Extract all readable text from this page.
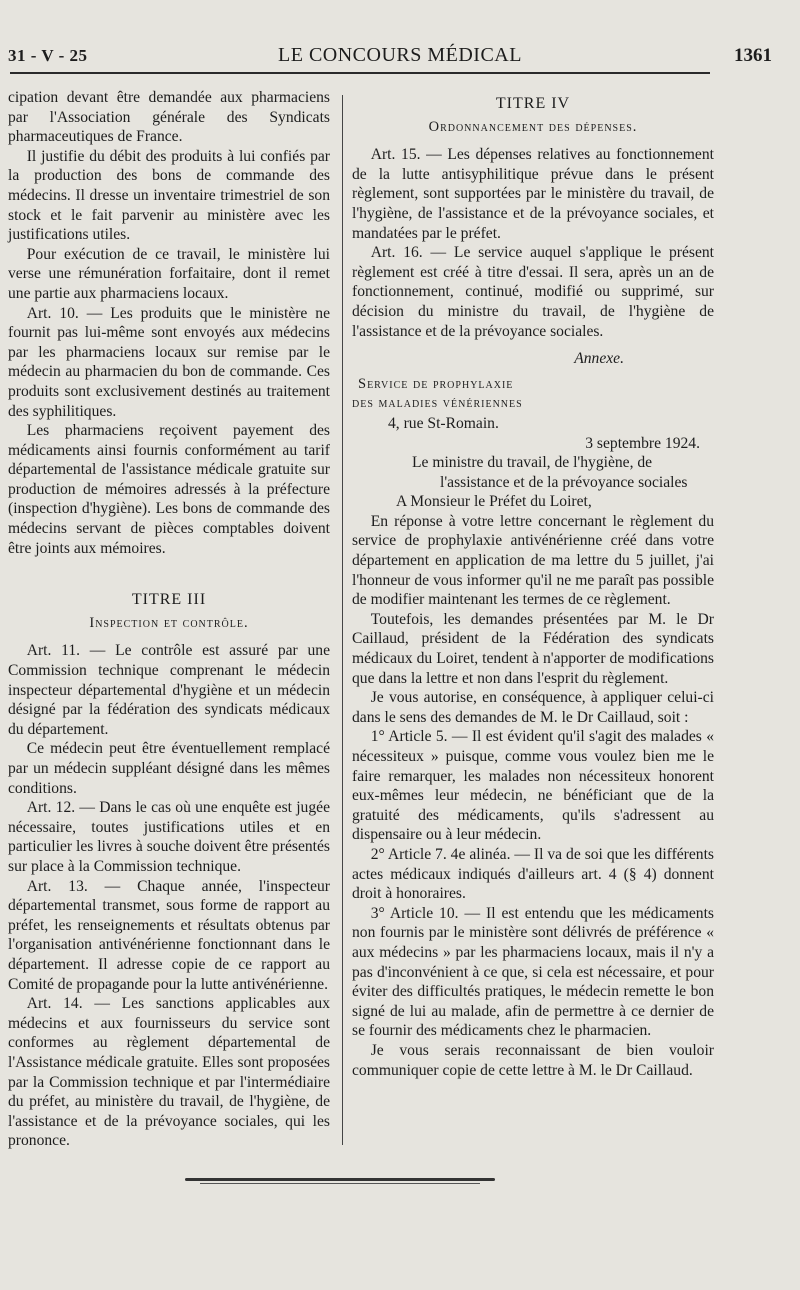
31 - V - 25	LE CONCOURS MÉDICAL	1361

cipation devant être demandée aux pharmaciens par l'Association générale des Syndicats pharmaceutiques de France.

Il justifie du débit des produits à lui confiés par la production des bons de commande des médecins. Il dresse un inventaire trimestriel de son stock et le fait parvenir au ministère avec les justifications utiles.

Pour exécution de ce travail, le ministère lui verse une rémunération forfaitaire, dont il remet une partie aux pharmaciens locaux.

Art. 10. — Les produits que le ministère ne fournit pas lui-même sont envoyés aux médecins par les pharmaciens locaux sur remise par le médecin au pharmacien du bon de commande. Ces produits sont exclusivement destinés au traitement des syphilitiques.

Les pharmaciens reçoivent payement des médicaments ainsi fournis conformément au tarif départemental de l'assistance médicale gratuite sur production de mémoires adressés à la préfecture (inspection d'hygiène). Les bons de commande des médecins servant de pièces comptables doivent être joints aux mémoires.

TITRE III
Inspection et contrôle.

Art. 11. — Le contrôle est assuré par une Commission technique comprenant le médecin inspecteur départemental d'hygiène et un médecin désigné par la fédération des syndicats médicaux du département.

Ce médecin peut être éventuellement remplacé par un médecin suppléant désigné dans les mêmes conditions.

Art. 12. — Dans le cas où une enquête est jugée nécessaire, toutes justifications utiles et en particulier les livres à souche doivent être présentés sur place à la Commission technique.

Art. 13. — Chaque année, l'inspecteur départemental transmet, sous forme de rapport au préfet, les renseignements et résultats obtenus par l'organisation antivénérienne fonctionnant dans le département. Il adresse copie de ce rapport au Comité de propagande pour la lutte antivénérienne.

Art. 14. — Les sanctions applicables aux médecins et aux fournisseurs du service sont conformes au règlement départemental de l'Assistance médicale gratuite. Elles sont proposées par la Commission technique et par l'intermédiaire du préfet, au ministère du travail, de l'hygiène, de l'assistance et de la prévoyance sociales, qui les prononce.

TITRE IV
Ordonnancement des dépenses.

Art. 15. — Les dépenses relatives au fonctionnement de la lutte antisyphilitique prévue dans le présent règlement, sont supportées par le ministère du travail, de l'hygiène, de l'assistance et de la prévoyance sociales, et mandatées par le préfet.

Art. 16. — Le service auquel s'applique le présent règlement est créé à titre d'essai. Il sera, après un an de fonctionnement, continué, modifié ou supprimé, sur décision du ministre du travail, de l'hygiène de l'assistance et de la prévoyance sociales.

Annexe.
Service de prophylaxie
des maladies vénériennes
4, rue St-Romain.
3 septembre 1924.
Le ministre du travail, de l'hygiène, de
l'assistance et de la prévoyance sociales
A Monsieur le Préfet du Loiret,

En réponse à votre lettre concernant le règlement du service de prophylaxie antivénérienne créé dans votre département en application de ma lettre du 5 juillet, j'ai l'honneur de vous informer qu'il ne me paraît pas possible de modifier maintenant les termes de ce règlement.

Toutefois, les demandes présentées par M. le Dr Caillaud, président de la Fédération des syndicats médicaux du Loiret, tendent à n'apporter de modifications que dans la lettre et non dans l'esprit du règlement.

Je vous autorise, en conséquence, à appliquer celui-ci dans le sens des demandes de M. le Dr Caillaud, soit :

1° Article 5. — Il est évident qu'il s'agit des malades « nécessiteux » puisque, comme vous voulez bien me le faire remarquer, les malades non nécessiteux honorent eux-mêmes leur médecin, ne bénéficiant que de la gratuité des médicaments, qu'ils s'adressent au dispensaire ou à leur médecin.

2° Article 7. 4e alinéa. — Il va de soi que les différents actes médicaux indiqués d'ailleurs art. 4 (§ 4) donnent droit à honoraires.

3° Article 10. — Il est entendu que les médicaments non fournis par le ministère sont délivrés de préférence « aux médecins » par les pharmaciens locaux, mais il n'y a pas d'inconvénient à ce que, si cela est nécessaire, et pour éviter des difficultés pratiques, le médecin remette le bon signé de lui au malade, afin de permettre à ce dernier de se fournir des médicaments chez le pharmacien.

Je vous serais reconnaissant de bien vouloir communiquer copie de cette lettre à M. le Dr Caillaud.
